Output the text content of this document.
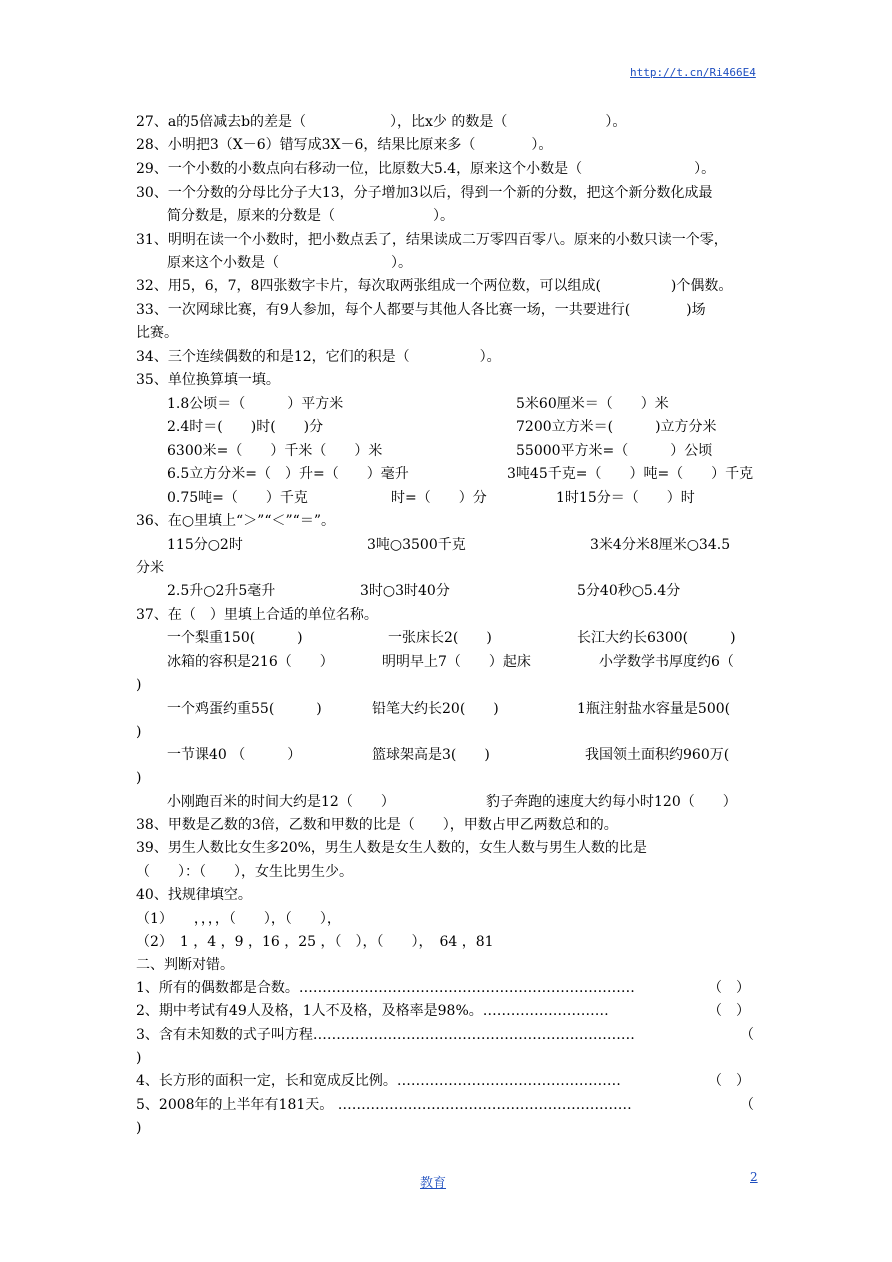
http://t.cn/Ri466E4
27、a的5倍减去b的差是（　　　　　　），比x少 的数是（　　　　　　　）。
28、小明把3（X－6）错写成3X－6，结果比原来多（　　　　）。
29、一个小数的小数点向右移动一位，比原数大5.4，原来这个小数是（　　　　　　　　）。
30、一个分数的分母比分子大13，分子增加3以后，得到一个新的分数，把这个新分数化成最
简分数是，原来的分数是（　　　　　　　）。
31、明明在读一个小数时，把小数点丢了，结果读成二万零四百零八。原来的小数只读一个零，
原来这个小数是（　　　　　　　　）。
32、用5，6，7，8四张数字卡片，每次取两张组成一个两位数，可以组成(　　　　　)个偶数。
33、一次网球比赛，有9人参加，每个人都要与其他人各比赛一场，一共要进行(　　　　)场
比赛。
34、三个连续偶数的和是12，它们的积是（　　　　　）。
35、单位换算填一填。
1.8公顷＝（　　　）平方米	5米60厘米＝（　　）米
2.4时＝(　　)时(　　)分	7200立方米＝(　　　)立方分米
6300米=（　　）千米（　　）米	55000平方米=（　　　）公顷
6.5立方分米=（　）升=（　　）毫升	3吨45千克=（　　）吨=（　　）千克
0.75吨=（　　）千克	时=（　　）分	1时15分＝（　　）时
36、在○里填上“＞”“＜”“＝”。
115分○2时	3吨○3500千克	3米4分米8厘米○34.5
分米
2.5升○2升5毫升	3时○3时40分	5分40秒○5.4分
37、在（　）里填上合适的单位名称。
一个梨重150(　　　)	一张床长2(　　)	长江大约长6300(　　　)
冰箱的容积是216（　　）	明明早上7（　　）起床	小学数学书厚度约6（
)
一个鸡蛋约重55(　　　)	铅笔大约长20(　　)	1瓶注射盐水容量是500(
)
一节课40 （　　　）	篮球架高是3(　　)	我国领土面积约960万(
)
小刚跑百米的时间大约是12（　　）	豹子奔跑的速度大约每小时120（　　）
38、甲数是乙数的3倍，乙数和甲数的比是（　　），甲数占甲乙两数总和的。
39、男生人数比女生多20%，男生人数是女生人数的，女生人数与男生人数的比是
（　　）：（　　），女生比男生少。
40、找规律填空。
（1）　　，，，，（　　），（　　），
（2）　1 ，4 ，9 ，16 ，25 ，（　），（　　），　64 ，81
二、判断对错。
1、所有的偶数都是合数。………………………………………………………………	（　）
2、期中考试有49人及格，1人不及格，及格率是98%。………………………	（　）
3、含有未知数的式子叫方程……………………………………………………………	（
)
4、长方形的面积一定，长和宽成反比例。…………………………………………	（　）
5、2008年的上半年有181天。 ………………………………………………………	（
)
教育	2
